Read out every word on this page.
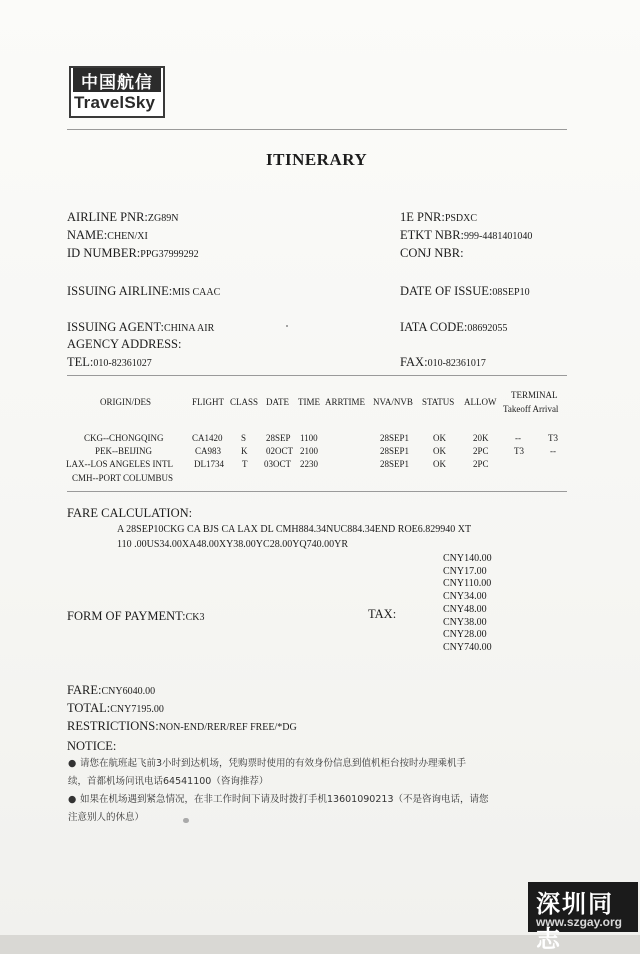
中国航信
TravelSky
ITINERARY
AIRLINE PNR:ZG89N
NAME:CHEN/XI
ID NUMBER:PPG37999292
1E PNR:PSDXC
ETKT NBR:999-4481401040
CONJ NBR:
ISSUING AIRLINE:MIS CAAC	DATE OF ISSUE:08SEP10
ISSUING AGENT:CHINA AIR	IATA CODE:08692055
AGENCY ADDRESS:
TEL:010-82361027	FAX:010-82361017
ORIGIN/DES	FLIGHT CLASS DATE TIME ARRTIME NVA/NVB STATUS ALLOW
TERMINAL
Takeoff Arrival
CKG--CHONGQING	CA1420 S 28SEP 1100	28SEP1	OK	20K	--	T3
PEK--BEIJING	CA983 K 02OCT 2100	28SEP1	OK	2PC	T3	--
LAX--LOS ANGELES INTL DL1734 T 03OCT 2230	28SEP1	OK	2PC
CMH--PORT COLUMBUS
FARE CALCULATION:
A 28SEP10CKG CA BJS CA LAX DL CMH884.34NUC884.34END ROE6.829940 XT
110 .00US34.00XA48.00XY38.00YC28.00YQ740.00YR
CNY140.00
CNY17.00
CNY110.00
CNY34.00
CNY48.00
CNY38.00
CNY28.00
CNY740.00
FORM OF PAYMENT:CK3	TAX:
FARE:CNY6040.00
TOTAL:CNY7195.00
RESTRICTIONS:NON-END/RER/REF FREE/*DG
NOTICE:
● 请您在航班起飞前3小时到达机场，凭购票时使用的有效身份信息到值机柜台按时办理乘机手
续，首都机场问讯电话64541100（咨询推荐）
● 如果在机场遇到紧急情况，在非工作时间下请及时拨打手机13601090213（不是咨询电话，请您
注意别人的休息）
深圳同志
www.szgay.org
